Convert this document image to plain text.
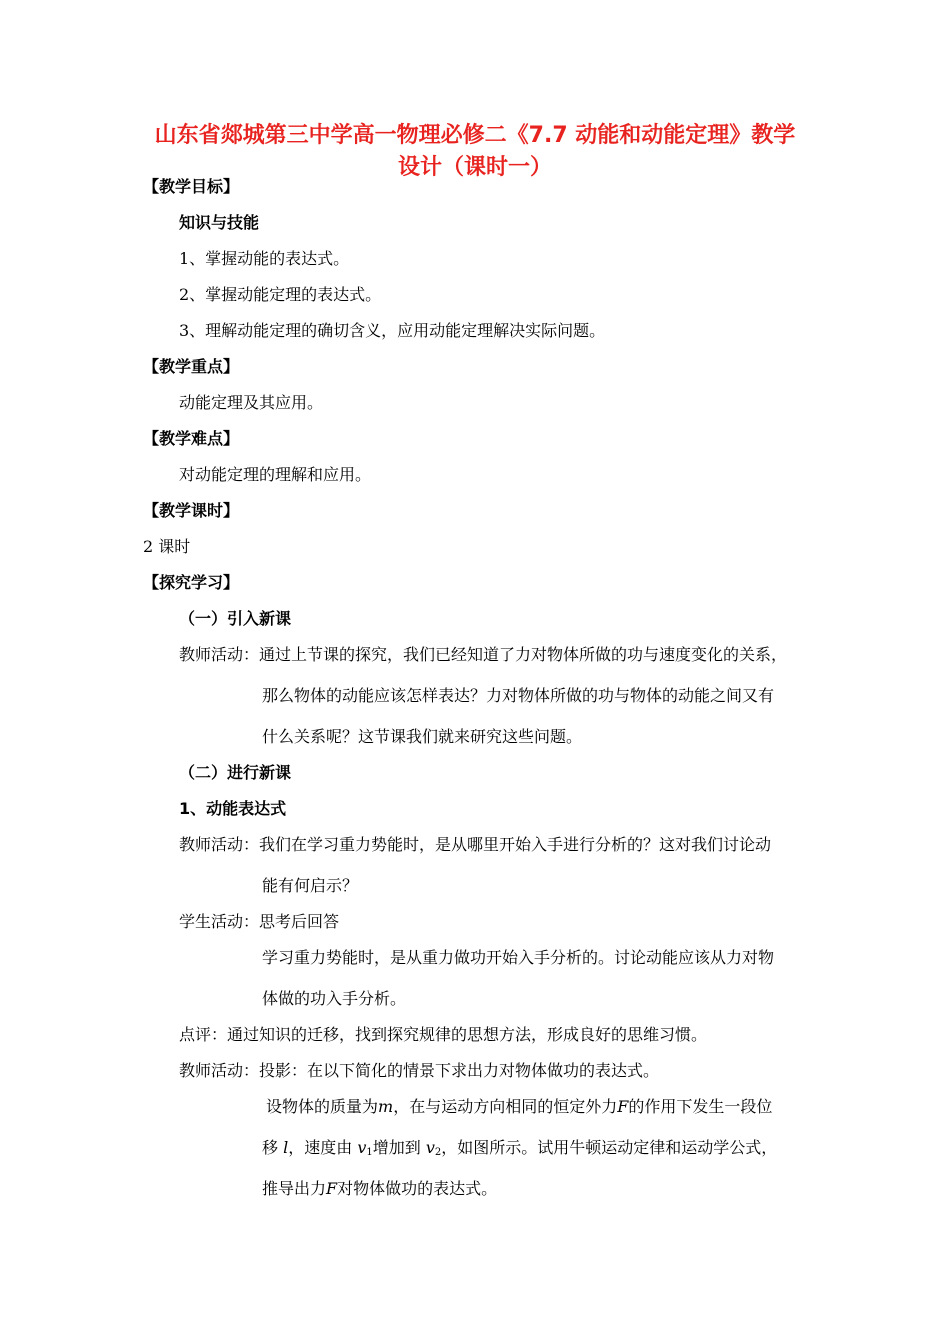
山东省郯城第三中学高一物理必修二《7.7 动能和动能定理》教学
设计（课时一）
【教学目标】
知识与技能
1、掌握动能的表达式。
2、掌握动能定理的表达式。
3、理解动能定理的确切含义，应用动能定理解决实际问题。
【教学重点】
动能定理及其应用。
【教学难点】
对动能定理的理解和应用。
【教学课时】
2 课时
【探究学习】
（一）引入新课
教师活动：通过上节课的探究，我们已经知道了力对物体所做的功与速度变化的关系，
那么物体的动能应该怎样表达？力对物体所做的功与物体的动能之间又有
什么关系呢？这节课我们就来研究这些问题。
（二）进行新课
1、动能表达式
教师活动：我们在学习重力势能时，是从哪里开始入手进行分析的？这对我们讨论动
能有何启示？
学生活动：思考后回答
学习重力势能时，是从重力做功开始入手分析的。讨论动能应该从力对物
体做的功入手分析。
点评：通过知识的迁移，找到探究规律的思想方法，形成良好的思维习惯。
教师活动：投影：在以下简化的情景下求出力对物体做功的表达式。
设物体的质量为m，在与运动方向相同的恒定外力F的作用下发生一段位
移 l，速度由 $v_1$增加到 $v_2$，如图所示。试用牛顿运动定律和运动学公式，
推导出力F对物体做功的表达式。
